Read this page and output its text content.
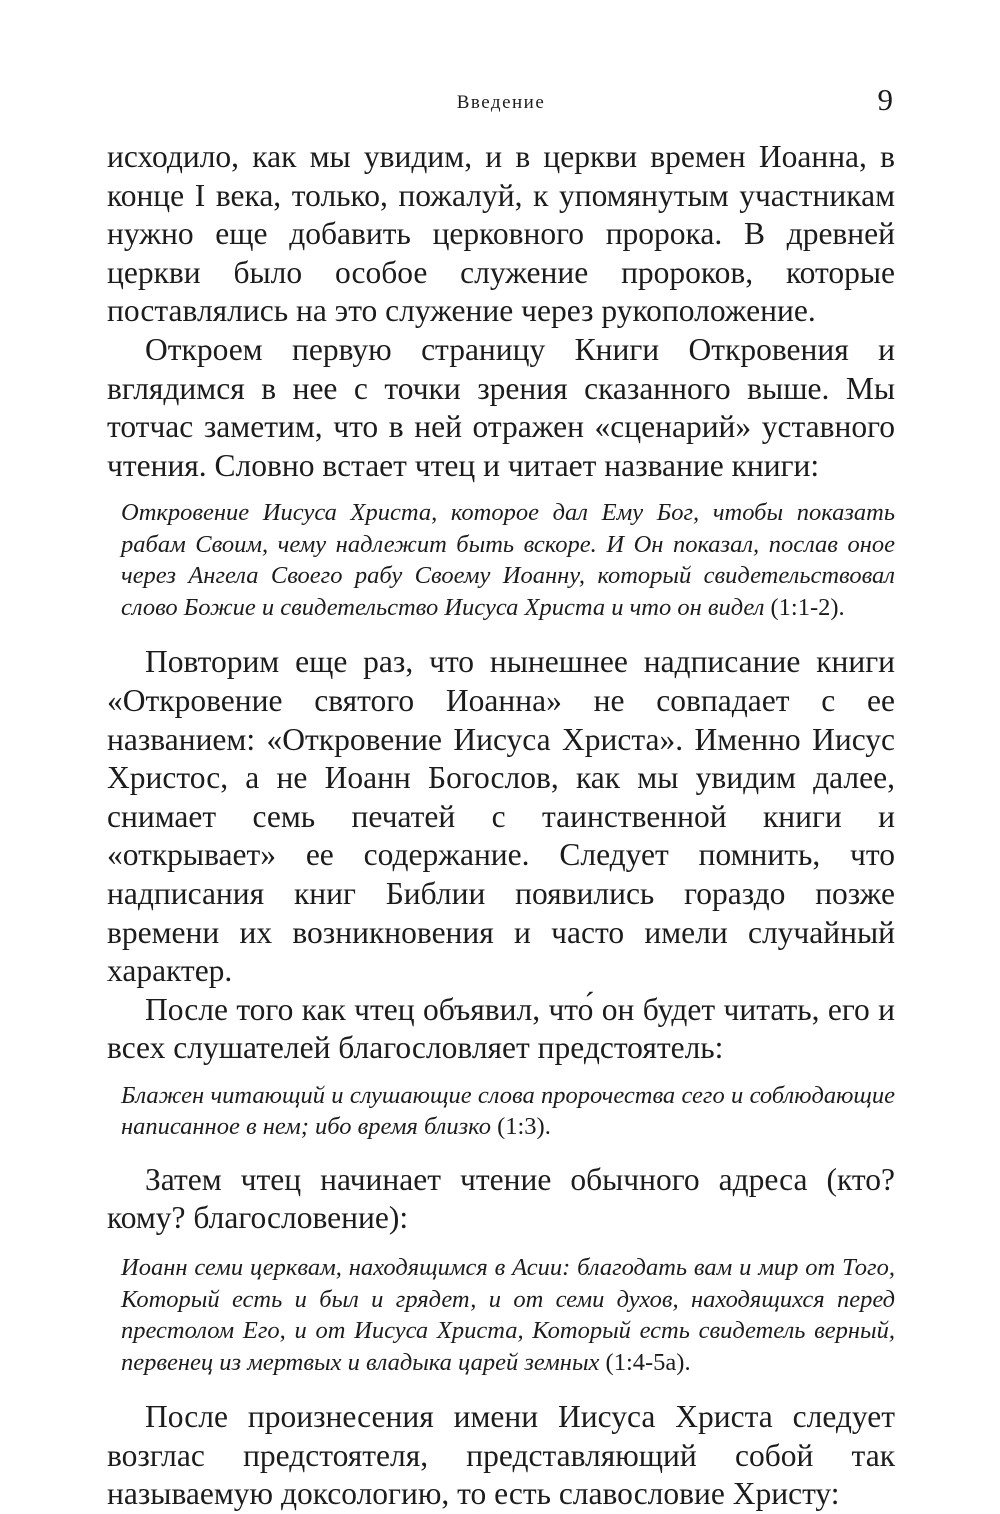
Введение	9

исходило, как мы увидим, и в церкви времен Иоанна, в конце I века, только, пожалуй, к упомянутым участникам нужно еще добавить церковного пророка. В древней церкви было особое служение пророков, которые поставлялись на это служение через рукоположение.

Откроем первую страницу Книги Откровения и вглядимся в нее с точки зрения сказанного выше. Мы тотчас заметим, что в ней отражен «сценарий» уставного чтения. Словно встает чтец и читает название книги:

Откровение Иисуса Христа, которое дал Ему Бог, чтобы показать рабам Своим, чему надлежит быть вскоре. И Он показал, послав оное через Ангела Своего рабу Своему Иоанну, который свидетельствовал слово Божие и свидетельство Иисуса Христа и что он видел (1:1-2).

Повторим еще раз, что нынешнее надписание книги «Откровение святого Иоанна» не совпадает с ее названием: «Откровение Иисуса Христа». Именно Иисус Христос, а не Иоанн Богослов, как мы увидим далее, снимает семь печатей с таинственной книги и «открывает» ее содержание. Следует помнить, что надписания книг Библии появились гораздо позже времени их возникновения и часто имели случайный характер.

После того как чтец объявил, что́ он будет читать, его и всех слушателей благословляет предстоятель:

Блажен читающий и слушающие слова пророчества сего и соблюдающие написанное в нем; ибо время близко (1:3).

Затем чтец начинает чтение обычного адреса (кто? кому? благословение):

Иоанн семи церквам, находящимся в Асии: благодать вам и мир от Того, Который есть и был и грядет, и от семи духов, находящихся перед престолом Его, и от Иисуса Христа, Который есть свидетель верный, первенец из мертвых и владыка царей земных (1:4-5а).

После произнесения имени Иисуса Христа следует возглас предстоятеля, представляющий собой так называемую доксологию, то есть славословие Христу:
